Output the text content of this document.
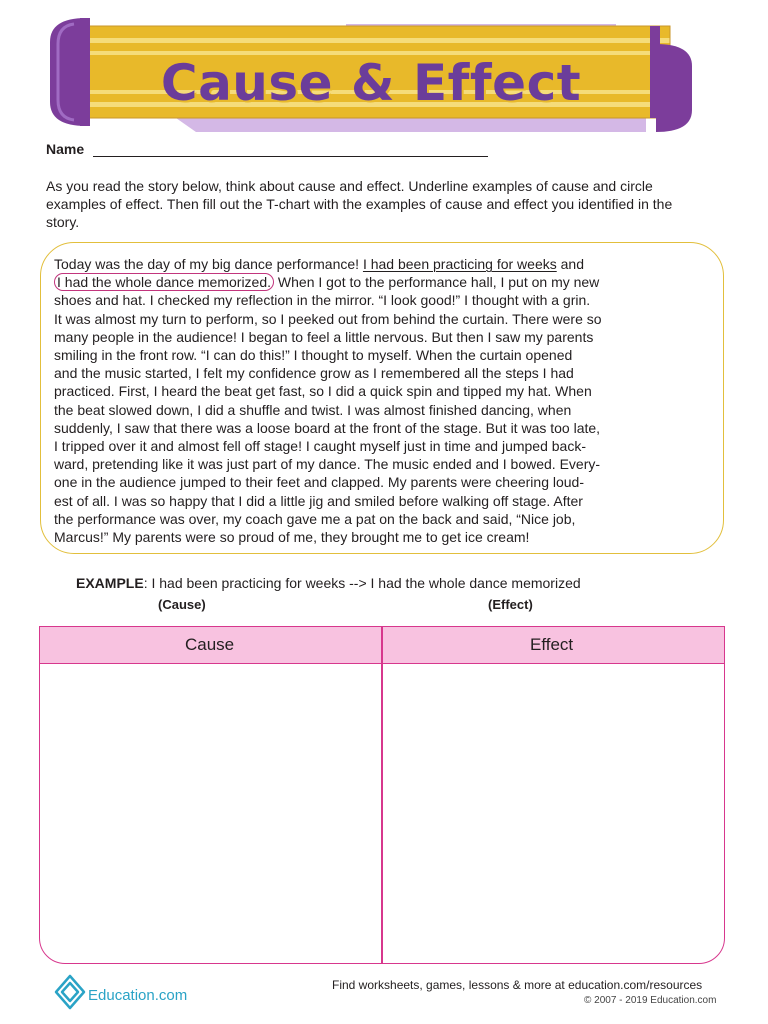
Cause & Effect
Name
As you read the story below, think about cause and effect. Underline examples of cause and circle examples of effect. Then fill out the T-chart with the examples of cause and effect you identified in the story.
Today was the day of my big dance performance! I had been practicing for weeks and
I had the whole dance memorized. When I got to the performance hall, I put on my new
shoes and hat. I checked my reflection in the mirror. “I look good!” I thought with a grin.
It was almost my turn to perform, so I peeked out from behind the curtain. There were so
many people in the audience! I began to feel a little nervous. But then I saw my parents
smiling in the front row. “I can do this!” I thought to myself. When the curtain opened
and the music started, I felt my confidence grow as I remembered all the steps I had
practiced. First, I heard the beat get fast, so I did a quick spin and tipped my hat. When
the beat slowed down, I did a shuffle and twist. I was almost finished dancing, when
suddenly, I saw that there was a loose board at the front of the stage. But it was too late,
I tripped over it and almost fell off stage! I caught myself just in time and jumped back-
ward, pretending like it was just part of my dance. The music ended and I bowed. Every-
one in the audience jumped to their feet and clapped. My parents were cheering loud-
est of all. I was so happy that I did a little jig and smiled before walking off stage. After
the performance was over, my coach gave me a pat on the back and said, “Nice job,
Marcus!” My parents were so proud of me, they brought me to get ice cream!
EXAMPLE: I had been practicing for weeks --> I had the whole dance memorized
(Cause)	(Effect)
Cause	Effect
Education.com
Find worksheets, games, lessons & more at education.com/resources
© 2007 - 2019 Education.com
